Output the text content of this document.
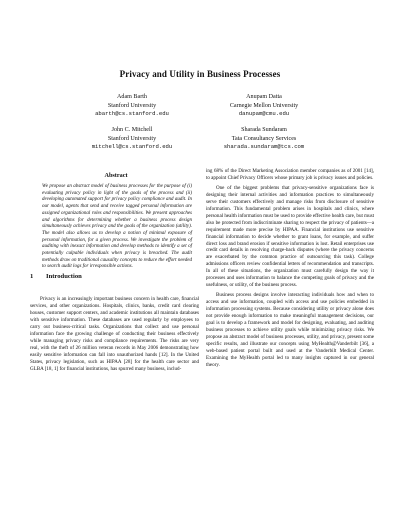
Privacy and Utility in Business Processes
Adam Barth
Stanford University
abarth@cs.stanford.edu
Anupam Datta
Carnegie Mellon University
danupam@cmu.edu
John C. Mitchell
Stanford University
mitchell@cs.stanford.edu
Sharada Sundaram
Tata Consultancy Services
sharada.sundaram@tcs.com
Abstract
We propose an abstract model of business processes for the purpose of (i) evaluating privacy policy in light of the goals of the process and (ii) developing automated support for privacy policy compliance and audit. In our model, agents that send and receive tagged personal information are assigned organizational roles and responsibilities. We present approaches and algorithms for determining whether a business process design simultaneously achieves privacy and the goals of the organization (utility). The model also allows us to develop a notion of minimal exposure of personal information, for a given process. We investigate the problem of auditing with inexact information and develop methods to identify a set of potentially culpable individuals when privacy is breached. The audit methods draw on traditional causality concepts to reduce the effort needed to search audit logs for irresponsible actions.
1 Introduction

Privacy is an increasingly important business concern in health care, financial services, and other organizations. Hospitals, clinics, banks, credit card clearing houses, customer support centers, and academic institutions all maintain databases with sensitive information. These databases are used regularly by employees to carry out business-critical tasks. Organizations that collect and use personal information face the growing challenge of conducting their business effectively while managing privacy risks and compliance requirements. The risks are very real, with the theft of 26 million veteran records in May 2006 demonstrating how easily sensitive information can fall into unauthorized hands [12]. In the United States, privacy legislation, such as HIPAA [28] for the health care sector and GLBA [18, 1] for financial institutions, has spurred many business, includ-

ing 68% of the Direct Marketing Association member companies as of 2001 [14], to appoint Chief Privacy Officers whose primary job is privacy issues and policies.

One of the biggest problems that privacy-sensitive organizations face is designing their internal activities and information practices to simultaneously serve their customers effectively and manage risks from disclosure of sensitive information. This fundamental problem arises in hospitals and clinics, where personal health information must be used to provide effective health care, but must also be protected from indiscriminate sharing to respect the privacy of patients—a requirement made more precise by HIPAA. Financial institutions use sensitive financial information to decide whether to grant loans, for example, and suffer direct loss and brand erosion if sensitive information is lost. Retail enterprises use credit card details in resolving charge-back disputes (where the privacy concerns are exacerbated by the common practice of outsourcing this task). College admissions officers review confidential letters of recommendation and transcripts. In all of these situations, the organization must carefully design the way it processes and uses information to balance the competing goals of privacy and the usefulness, or utility, of the business process.

Business process designs involve interacting individuals how and when to access and use information, coupled with access and use policies embedded in information processing systems. Because considering utility or privacy alone does not provide enough information to make meaningful management decisions, our goal is to develop a framework and model for designing, evaluating, and auditing business processes to achieve utility goals while minimizing privacy risks. We propose an abstract model of business processes, utility, and privacy, present some specific results, and illustrate our concepts using MyHealth@Vanderbilt [36], a web-based patient portal built and used at the Vanderbilt Medical Center. Examining the MyHealth portal led to many insights captured in our general theory.
